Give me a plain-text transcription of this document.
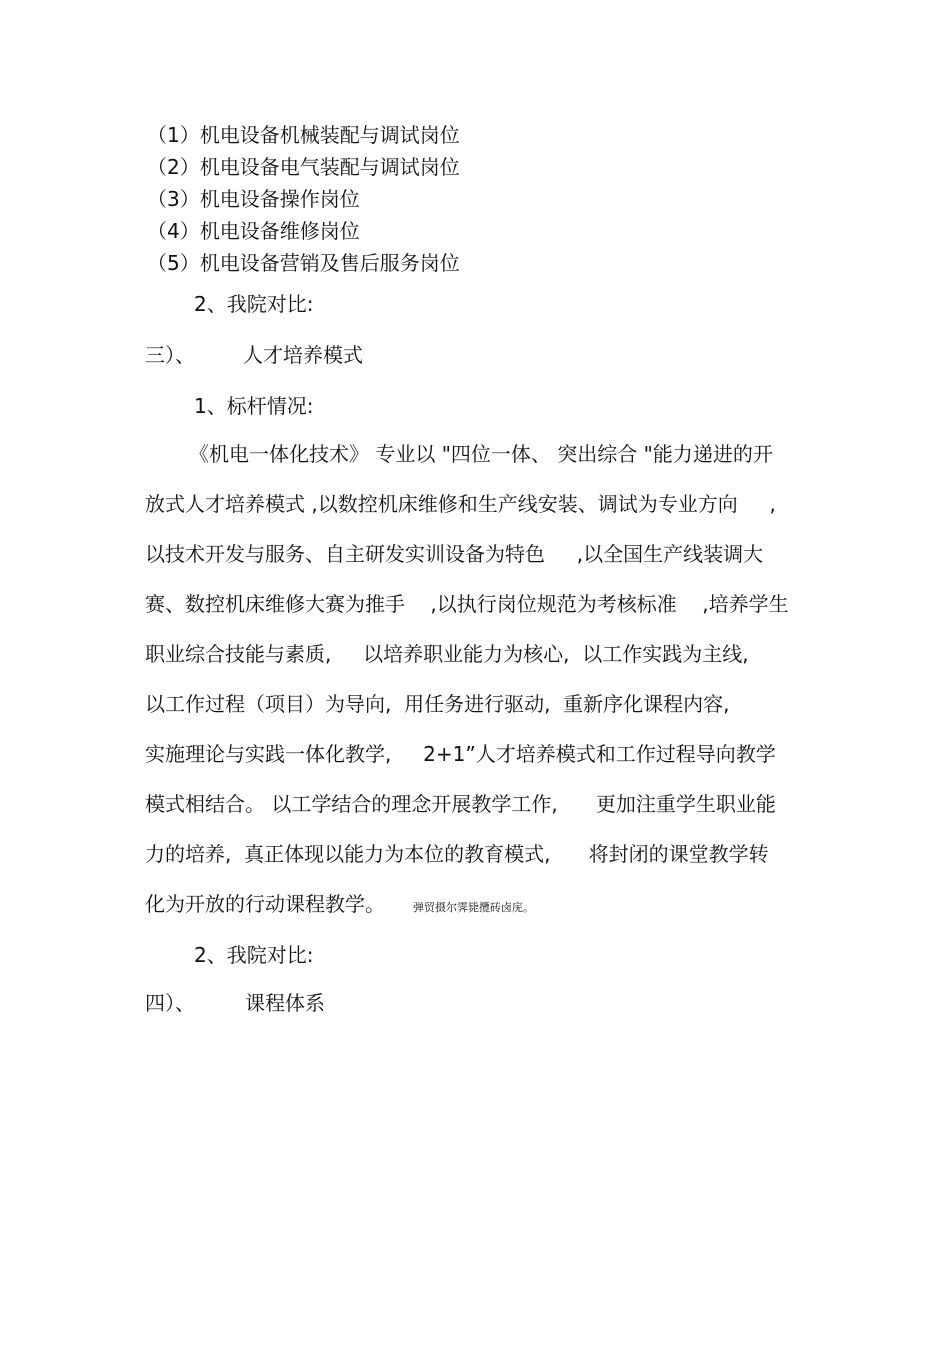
（1）机电设备机械装配与调试岗位
（2）机电设备电气装配与调试岗位
（3）机电设备操作岗位
（4）机电设备维修岗位
（5）机电设备营销及售后服务岗位
2、我院对比:
三）、 人才培养模式
1、标杆情况:
《机电一体化技术》 专业以 "四位一体、 突出综合 "能力递进的开
放式人才培养模式 ,以数控机床维修和生产线安装、调试为专业方向     ,
以技术开发与服务、自主研发实训设备为特色     ,以全国生产线装调大
赛、数控机床维修大赛为推手    ,以执行岗位规范为考核标准    ,培养学生
职业综合技能与素质,     以培养职业能力为核心,  以工作实践为主线,
以工作过程（项目）为导向,  用任务进行驱动,  重新序化课程内容,
实施理论与实践一体化教学,     2+1”人才培养模式和工作过程导向教学
模式相结合。 以工学结合的理念开展教学工作,      更加注重学生职业能
力的培养,  真正体现以能力为本位的教育模式,      将封闭的课堂教学转
化为开放的行动课程教学。	弹贸摄尔霁毙攬砖卤庑。
2、我院对比:
四）、	课程体系
